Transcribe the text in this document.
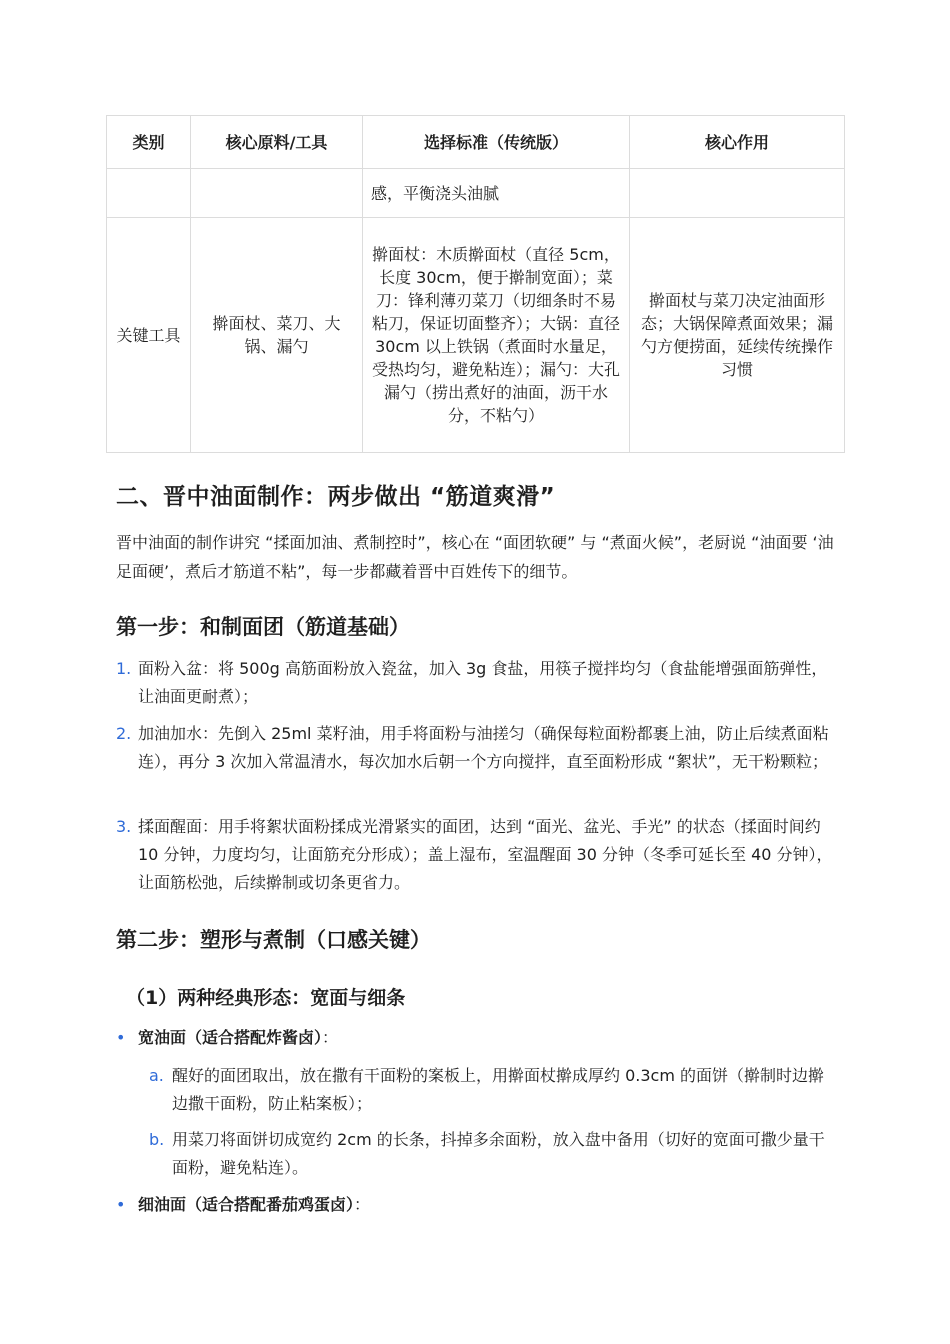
类别	核心原料/工具	选择标准（传统版）	核心作用
		感，平衡浇头油腻	
关键工具	擀面杖、菜刀、大锅、漏勺	擀面杖：木质擀面杖（直径 5cm，长度 30cm，便于擀制宽面）；菜刀：锋利薄刃菜刀（切细条时不易粘刀，保证切面整齐）；大锅：直径 30cm 以上铁锅（煮面时水量足，受热均匀，避免粘连）；漏勺：大孔漏勺（捞出煮好的油面，沥干水分，不粘勺）	擀面杖与菜刀决定油面形态；大锅保障煮面效果；漏勺方便捞面，延续传统操作习惯
二、晋中油面制作：两步做出 “筋道爽滑”

晋中油面的制作讲究 “揉面加油、煮制控时”，核心在 “面团软硬” 与 “煮面火候”，老厨说 “油面要 ‘油足面硬’，煮后才筋道不粘”，每一步都藏着晋中百姓传下的细节。

第一步：和制面团（筋道基础）
1. 面粉入盆：将 500g 高筋面粉放入瓷盆，加入 3g 食盐，用筷子搅拌均匀（食盐能增强面筋弹性，让油面更耐煮）；

2. 加油加水：先倒入 25ml 菜籽油，用手将面粉与油搓匀（确保每粒面粉都裹上油，防止后续煮面粘连），再分 3 次加入常温清水，每次加水后朝一个方向搅拌，直至面粉形成 “絮状”，无干粉颗粒；

3. 揉面醒面：用手将絮状面粉揉成光滑紧实的面团，达到 “面光、盆光、手光” 的状态（揉面时间约 10 分钟，力度均匀，让面筋充分形成）；盖上湿布，室温醒面 30 分钟（冬季可延长至 40 分钟），让面筋松弛，后续擀制或切条更省力。

第二步：塑形与煮制（口感关键）
（1）两种经典形态：宽面与细条
• 宽油面（适合搭配炸酱卤）：

a. 醒好的面团取出，放在撒有干面粉的案板上，用擀面杖擀成厚约 0.3cm 的面饼（擀制时边擀边撒干面粉，防止粘案板）；

b. 用菜刀将面饼切成宽约 2cm 的长条，抖掉多余面粉，放入盘中备用（切好的宽面可撒少量干面粉，避免粘连）。

• 细油面（适合搭配番茄鸡蛋卤）：
